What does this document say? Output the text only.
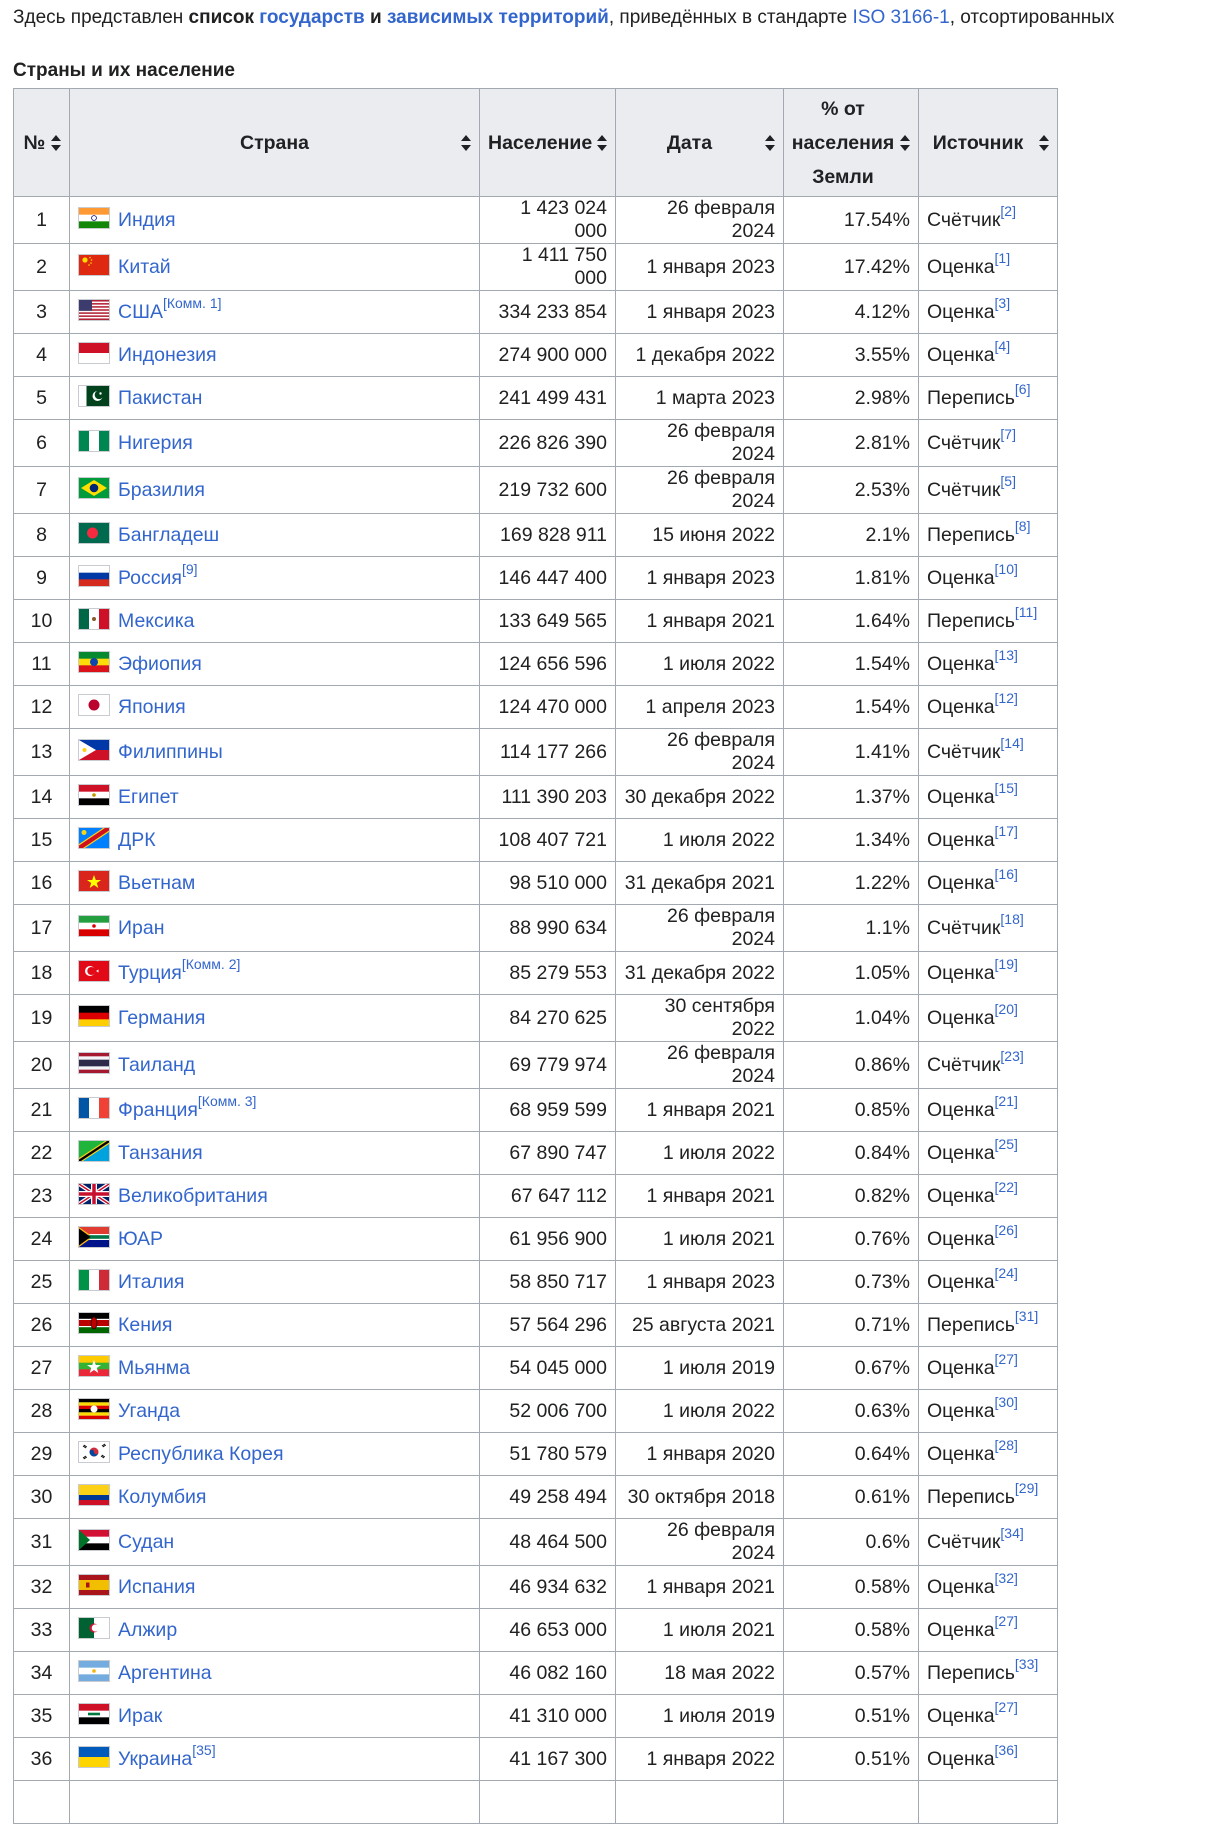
Здесь представлен список государств и зависимых территорий, приведённых в стандарте ISO 3166-1, отсортированных
Страны и их население
№	Страна	Население	Дата	% от
населения
Земли	Источник

1	Индия	1 423 024 000	26 февраля 2024	17.54%	Счётчик[2]
2	Китай	1 411 750 000	1 января 2023	17.42%	Оценка[1]
3	США[Комм. 1]	334 233 854	1 января 2023	4.12%	Оценка[3]
4	Индонезия	274 900 000	1 декабря 2022	3.55%	Оценка[4]
5	Пакистан	241 499 431	1 марта 2023	2.98%	Перепись[6]
6	Нигерия	226 826 390	26 февраля 2024	2.81%	Счётчик[7]
7	Бразилия	219 732 600	26 февраля 2024	2.53%	Счётчик[5]
8	Бангладеш	169 828 911	15 июня 2022	2.1%	Перепись[8]
9	Россия[9]	146 447 400	1 января 2023	1.81%	Оценка[10]
10	Мексика	133 649 565	1 января 2021	1.64%	Перепись[11]
11	Эфиопия	124 656 596	1 июля 2022	1.54%	Оценка[13]
12	Япония	124 470 000	1 апреля 2023	1.54%	Оценка[12]
13	Филиппины	114 177 266	26 февраля 2024	1.41%	Счётчик[14]
14	Египет	111 390 203	30 декабря 2022	1.37%	Оценка[15]
15	ДРК	108 407 721	1 июля 2022	1.34%	Оценка[17]
16	Вьетнам	98 510 000	31 декабря 2021	1.22%	Оценка[16]
17	Иран	88 990 634	26 февраля 2024	1.1%	Счётчик[18]
18	Турция[Комм. 2]	85 279 553	31 декабря 2022	1.05%	Оценка[19]
19	Германия	84 270 625	30 сентября 2022	1.04%	Оценка[20]
20	Таиланд	69 779 974	26 февраля 2024	0.86%	Счётчик[23]
21	Франция[Комм. 3]	68 959 599	1 января 2021	0.85%	Оценка[21]
22	Танзания	67 890 747	1 июля 2022	0.84%	Оценка[25]
23	Великобритания	67 647 112	1 января 2021	0.82%	Оценка[22]
24	ЮАР	61 956 900	1 июля 2021	0.76%	Оценка[26]
25	Италия	58 850 717	1 января 2023	0.73%	Оценка[24]
26	Кения	57 564 296	25 августа 2021	0.71%	Перепись[31]
27	Мьянма	54 045 000	1 июля 2019	0.67%	Оценка[27]
28	Уганда	52 006 700	1 июля 2022	0.63%	Оценка[30]
29	Республика Корея	51 780 579	1 января 2020	0.64%	Оценка[28]
30	Колумбия	49 258 494	30 октября 2018	0.61%	Перепись[29]
31	Судан	48 464 500	26 февраля 2024	0.6%	Счётчик[34]
32	Испания	46 934 632	1 января 2021	0.58%	Оценка[32]
33	Алжир	46 653 000	1 июля 2021	0.58%	Оценка[27]
34	Аргентина	46 082 160	18 мая 2022	0.57%	Перепись[33]
35	Ирак	41 310 000	1 июля 2019	0.51%	Оценка[27]
36	Украина[35]	41 167 300	1 января 2022	0.51%	Оценка[36]
